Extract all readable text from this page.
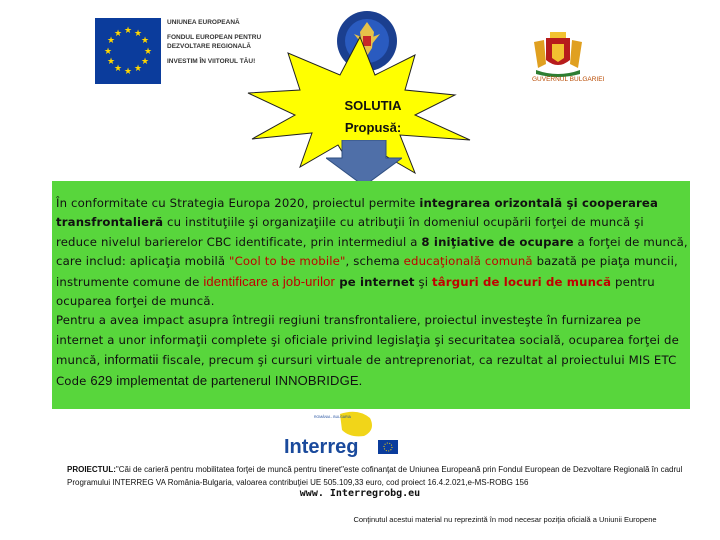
★ ★
★
★
★
★
★
★
★
★
★
★
UNIUNEA EUROPEANĂ

FONDUL EUROPEAN PENTRU
DEZVOLTARE REGIONALĂ

INVESTIM ÎN VIITORUL TĂU!
GUVERNUL BULGARIEI
SOLUTIA
Propusă:
În conformitate cu Strategia Europa 2020, proiectul permite integrarea orizontală şi cooperarea transfrontalieră cu instituţiile şi organizaţiile cu atribuţii în domeniul ocupării forţei de muncă şi reduce nivelul barierelor CBC identificate, prin intermediul a 8 iniţiative de ocupare a forţei de muncă, care includ: aplicaţia mobilă "Cool to be mobile", schema educaţională comună bazată pe piaţa muncii, instrumente comune de identificare a job-urilor pe internet şi târguri de locuri de muncă pentru ocuparea forţei de muncă.
Pentru a avea impact asupra întregii regiuni transfrontaliere, proiectul investeşte în furnizarea pe internet a unor informaţii complete şi oficiale privind legislaţia şi securitatea socială, ocuparea forţei de muncă, informatii fiscale, precum şi cursuri virtuale de antreprenoriat, ca rezultat al proiectului MIS ETC Code 629 implementat de partenerul INNOBRIDGE.
ROMÂNIA - BULGARIA
Interreg
PROIECTUL:"Căi de carieră pentru mobilitatea forţei de muncă pentru tineret"este cofinanţat de Uniunea Europeană prin Fondul European de Dezvoltare Regională în cadrul Programului INTERREG VA România-Bulgaria, valoarea contribuţiei UE 505.109,33 euro, cod proiect 16.4.2.021,e-MS-ROBG 156
www. Interregrobg.eu
Conţinutul acestui material nu reprezintă în mod necesar poziţia oficială a Uniunii Europene
